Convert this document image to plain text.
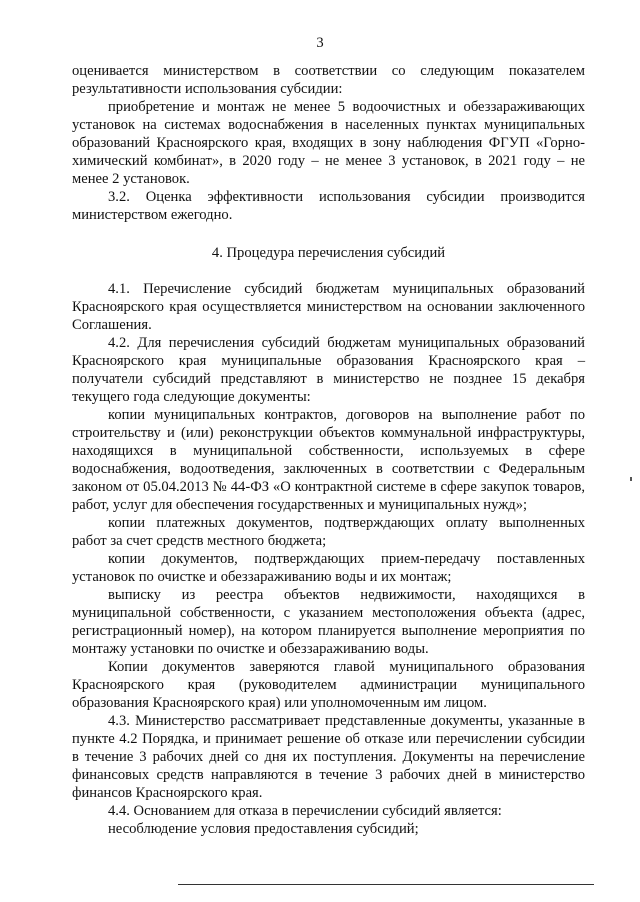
3

оценивается министерством в соответствии со следующим показателем результативности использования субсидии:

приобретение и монтаж не менее 5 водоочистных и обеззараживающих установок на системах водоснабжения в населенных пунктах муниципальных образований Красноярского края, входящих в зону наблюдения ФГУП «Горно-химический комбинат», в 2020 году – не менее 3 установок, в 2021 году – не менее 2 установок.

3.2. Оценка эффективности использования субсидии производится министерством ежегодно.

4. Процедура перечисления субсидий

4.1. Перечисление субсидий бюджетам муниципальных образований Красноярского края осуществляется министерством на основании заключенного Соглашения.

4.2. Для перечисления субсидий бюджетам муниципальных образований Красноярского края муниципальные образования Красноярского края – получатели субсидий представляют в министерство не позднее 15 декабря текущего года следующие документы:

копии муниципальных контрактов, договоров на выполнение работ по строительству и (или) реконструкции объектов коммунальной инфраструктуры, находящихся в муниципальной собственности, используемых в сфере водоснабжения, водоотведения, заключенных в соответствии с Федеральным законом от 05.04.2013 № 44-ФЗ «О контрактной системе в сфере закупок товаров, работ, услуг для обеспечения государственных и муниципальных нужд»;

копии платежных документов, подтверждающих оплату выполненных работ за счет средств местного бюджета;

копии документов, подтверждающих прием-передачу поставленных установок по очистке и обеззараживанию воды и их монтаж;

выписку из реестра объектов недвижимости, находящихся в муниципальной собственности, с указанием местоположения объекта (адрес, регистрационный номер), на котором планируется выполнение мероприятия по монтажу установки по очистке и обеззараживанию воды.

Копии документов заверяются главой муниципального образования Красноярского края (руководителем администрации муниципального образования Красноярского края) или уполномоченным им лицом.

4.3. Министерство рассматривает представленные документы, указанные в пункте 4.2 Порядка, и принимает решение об отказе или перечислении субсидии в течение 3 рабочих дней со дня их поступления. Документы на перечисление финансовых средств направляются в течение 3 рабочих дней в министерство финансов Красноярского края.

4.4. Основанием для отказа в перечислении субсидий является:

несоблюдение условия предоставления субсидий;
